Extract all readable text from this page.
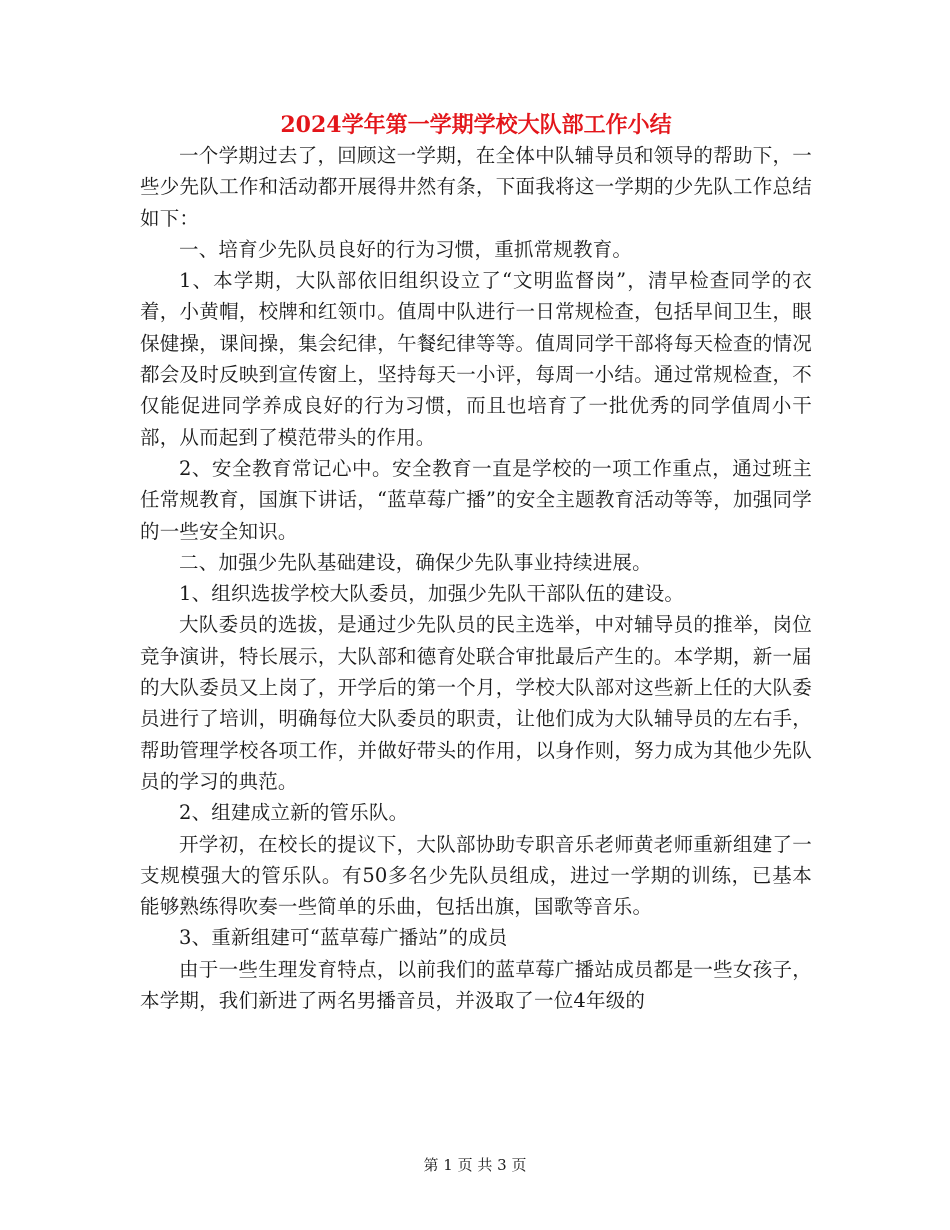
2024学年第一学期学校大队部工作小结

一个学期过去了，回顾这一学期，在全体中队辅导员和领导的帮助下，一些少先队工作和活动都开展得井然有条，下面我将这一学期的少先队工作总结如下：

一、培育少先队员良好的行为习惯，重抓常规教育。

1、本学期，大队部依旧组织设立了“文明监督岗”，清早检查同学的衣着，小黄帽，校牌和红领巾。值周中队进行一日常规检查，包括早间卫生，眼保健操，课间操，集会纪律，午餐纪律等等。值周同学干部将每天检查的情况都会及时反映到宣传窗上，坚持每天一小评，每周一小结。通过常规检查，不仅能促进同学养成良好的行为习惯，而且也培育了一批优秀的同学值周小干部，从而起到了模范带头的作用。

2、安全教育常记心中。安全教育一直是学校的一项工作重点，通过班主任常规教育，国旗下讲话，“蓝草莓广播”的安全主题教育活动等等，加强同学的一些安全知识。

二、加强少先队基础建设，确保少先队事业持续进展。

1、组织选拔学校大队委员，加强少先队干部队伍的建设。

大队委员的选拔，是通过少先队员的民主选举，中对辅导员的推举，岗位竞争演讲，特长展示，大队部和德育处联合审批最后产生的。本学期，新一届的大队委员又上岗了，开学后的第一个月，学校大队部对这些新上任的大队委员进行了培训，明确每位大队委员的职责，让他们成为大队辅导员的左右手，帮助管理学校各项工作，并做好带头的作用，以身作则，努力成为其他少先队员的学习的典范。

2、组建成立新的管乐队。

开学初，在校长的提议下，大队部协助专职音乐老师黄老师重新组建了一支规模强大的管乐队。有50多名少先队员组成，进过一学期的训练，已基本能够熟练得吹奏一些简单的乐曲，包括出旗，国歌等音乐。

3、重新组建可“蓝草莓广播站”的成员

由于一些生理发育特点，以前我们的蓝草莓广播站成员都是一些女孩子，本学期，我们新进了两名男播音员，并汲取了一位4年级的

第 1 页 共 3 页
